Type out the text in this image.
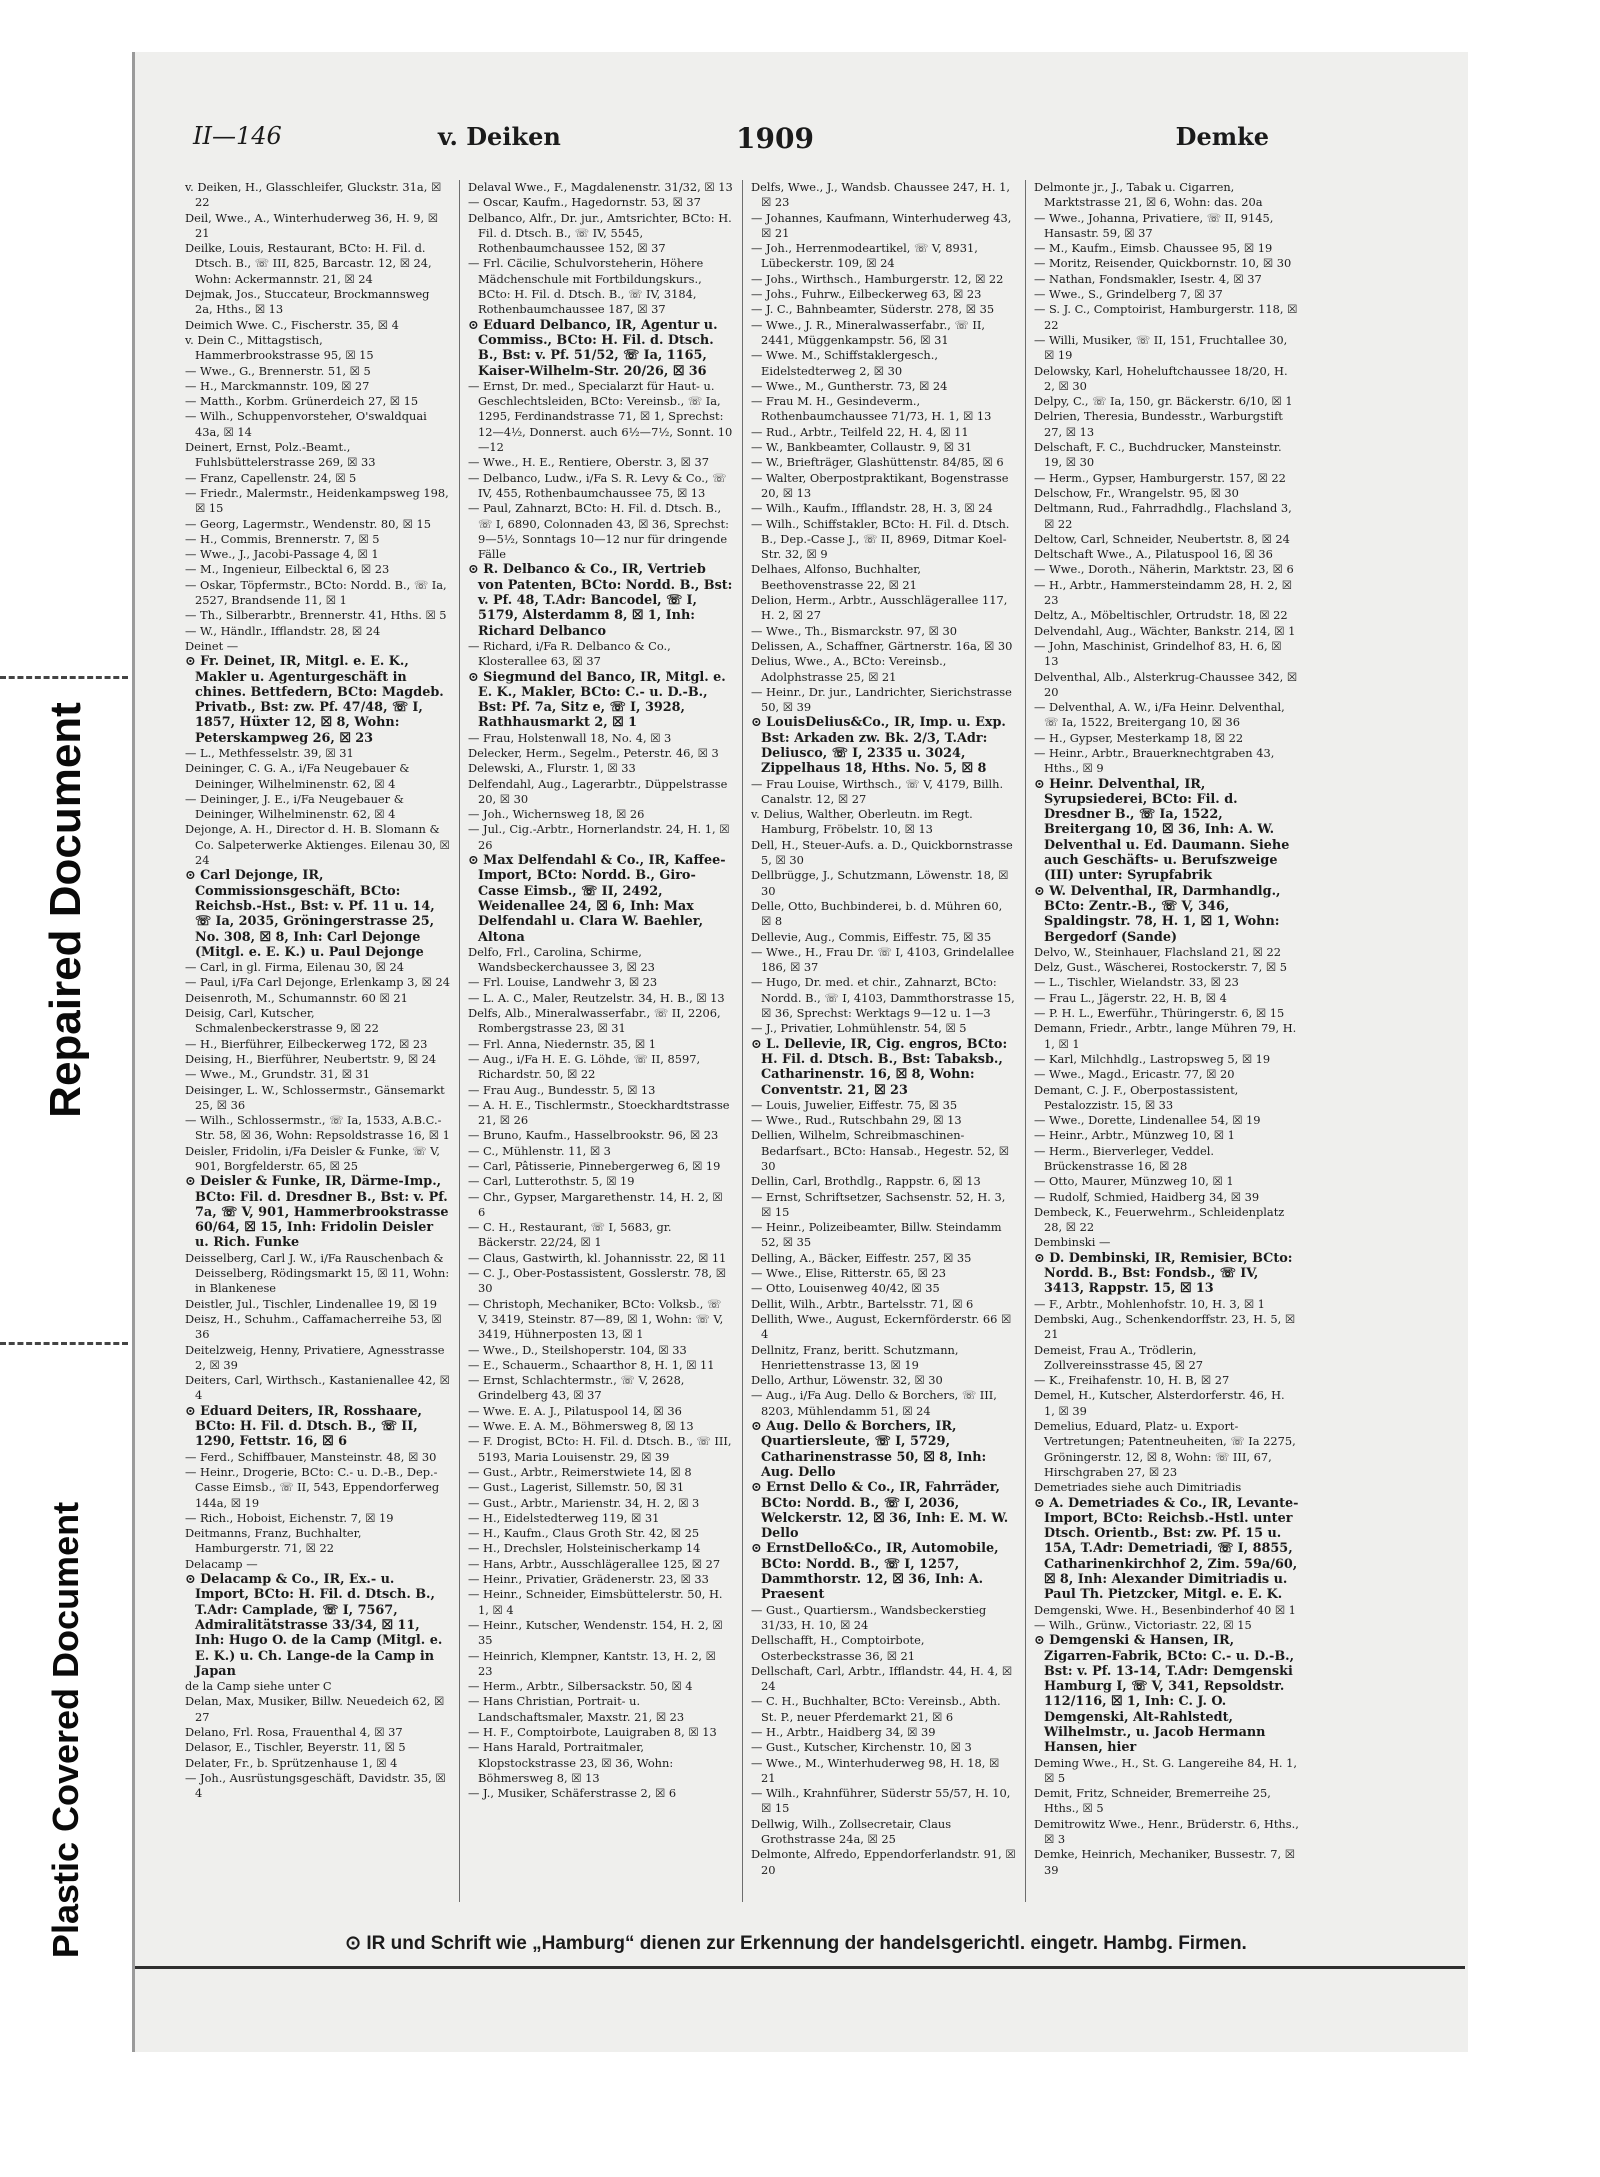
Repaired Document
Plastic Covered Document
II—146	v. Deiken	1909	Demke

v. Deiken, H., Glasschleifer, Gluckstr. 31a, ☒ 22

Deil, Wwe., A., Winterhuderweg 36, H. 9, ☒ 21

Deilke, Louis, Restaurant, BCto: H. Fil. d. Dtsch. B., ☏ III, 825, Barcastr. 12, ☒ 24, Wohn: Ackermannstr. 21, ☒ 24

Dejmak, Jos., Stuccateur, Brockmannsweg 2a, Hths., ☒ 13

Deimich Wwe. C., Fischerstr. 35, ☒ 4

v. Dein C., Mittagstisch, Hammerbrookstrasse 95, ☒ 15

— Wwe., G., Brennerstr. 51, ☒ 5

— H., Marckmannstr. 109, ☒ 27

— Matth., Korbm. Grünerdeich 27, ☒ 15

— Wilh., Schuppenvorsteher, O'swaldquai 43a, ☒ 14

Deinert, Ernst, Polz.-Beamt., Fuhlsbüttelerstrasse 269, ☒ 33

— Franz, Capellenstr. 24, ☒ 5

— Friedr., Malermstr., Heidenkampsweg 198, ☒ 15

— Georg, Lagermstr., Wendenstr. 80, ☒ 15

— H., Commis, Brennerstr. 7, ☒ 5

— Wwe., J., Jacobi-Passage 4, ☒ 1

— M., Ingenieur, Eilbecktal 6, ☒ 23

— Oskar, Töpfermstr., BCto: Nordd. B., ☏ Ia, 2527, Brandsende 11, ☒ 1

— Th., Silberarbtr., Brennerstr. 41, Hths. ☒ 5

— W., Händlr., Ifflandstr. 28, ☒ 24

Deinet —

⊙ Fr. Deinet, IR, Mitgl. e. E. K., Makler u. Agenturgeschäft in chines. Bettfedern, BCto: Magdeb. Privatb., Bst: zw. Pf. 47/48, ☏ I, 1857, Hüxter 12, ☒ 8, Wohn: Peterskampweg 26, ☒ 23

— L., Methfesselstr. 39, ☒ 31

Deininger, C. G. A., i/Fa Neugebauer & Deininger, Wilhelminenstr. 62, ☒ 4

— Deininger, J. E., i/Fa Neugebauer & Deininger, Wilhelminenstr. 62, ☒ 4

Dejonge, A. H., Director d. H. B. Slomann & Co. Salpeterwerke Aktienges. Eilenau 30, ☒ 24

⊙ Carl Dejonge, IR, Commissionsgeschäft, BCto: Reichsb.-Hst., Bst: v. Pf. 11 u. 14, ☏ Ia, 2035, Gröningerstrasse 25, No. 308, ☒ 8, Inh: Carl Dejonge (Mitgl. e. E. K.) u. Paul Dejonge

— Carl, in gl. Firma, Eilenau 30, ☒ 24

— Paul, i/Fa Carl Dejonge, Erlenkamp 3, ☒ 24

Deisenroth, M., Schumannstr. 60 ☒ 21

Deisig, Carl, Kutscher, Schmalenbeckerstrasse 9, ☒ 22

— H., Bierführer, Eilbeckerweg 172, ☒ 23

Deising, H., Bierführer, Neubertstr. 9, ☒ 24

— Wwe., M., Grundstr. 31, ☒ 31

Deisinger, L. W., Schlossermstr., Gänsemarkt 25, ☒ 36

— Wilh., Schlossermstr., ☏ Ia, 1533, A.B.C.-Str. 58, ☒ 36, Wohn: Repsoldstrasse 16, ☒ 1

Deisler, Fridolin, i/Fa Deisler & Funke, ☏ V, 901, Borgfelderstr. 65, ☒ 25

⊙ Deisler & Funke, IR, Därme-Imp., BCto: Fil. d. Dresdner B., Bst: v. Pf. 7a, ☏ V, 901, Hammerbrookstrasse 60/64, ☒ 15, Inh: Fridolin Deisler u. Rich. Funke

Deisselberg, Carl J. W., i/Fa Rauschenbach & Deisselberg, Rödingsmarkt 15, ☒ 11, Wohn: in Blankenese

Deistler, Jul., Tischler, Lindenallee 19, ☒ 19

Deisz, H., Schuhm., Caffamacherreihe 53, ☒ 36

Deitelzweig, Henny, Privatiere, Agnesstrasse 2, ☒ 39

Deiters, Carl, Wirthsch., Kastanienallee 42, ☒ 4

⊙ Eduard Deiters, IR, Rosshaare, BCto: H. Fil. d. Dtsch. B., ☏ II, 1290, Fettstr. 16, ☒ 6

— Ferd., Schiffbauer, Mansteinstr. 48, ☒ 30

— Heinr., Drogerie, BCto: C.- u. D.-B., Dep.-Casse Eimsb., ☏ II, 543, Eppendorferweg 144a, ☒ 19

— Rich., Hoboist, Eichenstr. 7, ☒ 19

Deitmanns, Franz, Buchhalter, Hamburgerstr. 71, ☒ 22

Delacamp —

⊙ Delacamp & Co., IR, Ex.- u. Import, BCto: H. Fil. d. Dtsch. B., T.Adr: Camplade, ☏ I, 7567, Admiralitätstrasse 33/34, ☒ 11, Inh: Hugo O. de la Camp (Mitgl. e. E. K.) u. Ch. Lange-de la Camp in Japan

de la Camp siehe unter C

Delan, Max, Musiker, Billw. Neuedeich 62, ☒ 27

Delano, Frl. Rosa, Frauenthal 4, ☒ 37

Delasor, E., Tischler, Beyerstr. 11, ☒ 5

Delater, Fr., b. Sprützenhause 1, ☒ 4

— Joh., Ausrüstungsgeschäft, Davidstr. 35, ☒ 4

Delaval Wwe., F., Magdalenenstr. 31/32, ☒ 13

— Oscar, Kaufm., Hagedornstr. 53, ☒ 37

Delbanco, Alfr., Dr. jur., Amtsrichter, BCto: H. Fil. d. Dtsch. B., ☏ IV, 5545, Rothenbaumchaussee 152, ☒ 37

— Frl. Cäcilie, Schulvorsteherin, Höhere Mädchenschule mit Fortbildungskurs., BCto: H. Fil. d. Dtsch. B., ☏ IV, 3184, Rothenbaumchaussee 187, ☒ 37

⊙ Eduard Delbanco, IR, Agentur u. Commiss., BCto: H. Fil. d. Dtsch. B., Bst: v. Pf. 51/52, ☏ Ia, 1165, Kaiser-Wilhelm-Str. 20/26, ☒ 36

— Ernst, Dr. med., Specialarzt für Haut- u. Geschlechtsleiden, BCto: Vereinsb., ☏ Ia, 1295, Ferdinandstrasse 71, ☒ 1, Sprechst: 12—4½, Donnerst. auch 6½—7½, Sonnt. 10—12

— Wwe., H. E., Rentiere, Oberstr. 3, ☒ 37

— Delbanco, Ludw., i/Fa S. R. Levy & Co., ☏ IV, 455, Rothenbaumchaussee 75, ☒ 13

— Paul, Zahnarzt, BCto: H. Fil. d. Dtsch. B., ☏ I, 6890, Colonnaden 43, ☒ 36, Sprechst: 9—5½, Sonntags 10—12 nur für dringende Fälle

⊙ R. Delbanco & Co., IR, Vertrieb von Patenten, BCto: Nordd. B., Bst: v. Pf. 48, T.Adr: Bancodel, ☏ I, 5179, Alsterdamm 8, ☒ 1, Inh: Richard Delbanco

— Richard, i/Fa R. Delbanco & Co., Klosterallee 63, ☒ 37

⊙ Siegmund del Banco, IR, Mitgl. e. E. K., Makler, BCto: C.- u. D.-B., Bst: Pf. 7a, Sitz e, ☏ I, 3928, Rathhausmarkt 2, ☒ 1

— Frau, Holstenwall 18, No. 4, ☒ 3

Delecker, Herm., Segelm., Peterstr. 46, ☒ 3

Delewski, A., Flurstr. 1, ☒ 33

Delfendahl, Aug., Lagerarbtr., Düppelstrasse 20, ☒ 30

— Joh., Wichernsweg 18, ☒ 26

— Jul., Cig.-Arbtr., Hornerlandstr. 24, H. 1, ☒ 26

⊙ Max Delfendahl & Co., IR, Kaffee-Import, BCto: Nordd. B., Giro-Casse Eimsb., ☏ II, 2492, Weidenallee 24, ☒ 6, Inh: Max Delfendahl u. Clara W. Baehler, Altona

Delfo, Frl., Carolina, Schirme, Wandsbeckerchaussee 3, ☒ 23

— Frl. Louise, Landwehr 3, ☒ 23

— L. A. C., Maler, Reutzelstr. 34, H. B., ☒ 13

Delfs, Alb., Mineralwasserfabr., ☏ II, 2206, Rombergstrasse 23, ☒ 31

— Frl. Anna, Niedernstr. 35, ☒ 1

— Aug., i/Fa H. E. G. Löhde, ☏ II, 8597, Richardstr. 50, ☒ 22

— Frau Aug., Bundesstr. 5, ☒ 13

— A. H. E., Tischlermstr., Stoeckhardtstrasse 21, ☒ 26

— Bruno, Kaufm., Hasselbrookstr. 96, ☒ 23

— C., Mühlenstr. 11, ☒ 3

— Carl, Pâtisserie, Pinnebergerweg 6, ☒ 19

— Carl, Lutterothstr. 5, ☒ 19

— Chr., Gypser, Margarethenstr. 14, H. 2, ☒ 6

— C. H., Restaurant, ☏ I, 5683, gr. Bäckerstr. 22/24, ☒ 1

— Claus, Gastwirth, kl. Johannisstr. 22, ☒ 11

— C. J., Ober-Postassistent, Gosslerstr. 78, ☒ 30

— Christoph, Mechaniker, BCto: Volksb., ☏ V, 3419, Steinstr. 87—89, ☒ 1, Wohn: ☏ V, 3419, Hühnerposten 13, ☒ 1

— Wwe., D., Steilshoperstr. 104, ☒ 33

— E., Schauerm., Schaarthor 8, H. 1, ☒ 11

— Ernst, Schlachtermstr., ☏ V, 2628, Grindelberg 43, ☒ 37

— Wwe. E. A. J., Pilatuspool 14, ☒ 36

— Wwe. E. A. M., Böhmersweg 8, ☒ 13

— F. Drogist, BCto: H. Fil. d. Dtsch. B., ☏ III, 5193, Maria Louisenstr. 29, ☒ 39

— Gust., Arbtr., Reimerstwiete 14, ☒ 8

— Gust., Lagerist, Sillemstr. 50, ☒ 31

— Gust., Arbtr., Marienstr. 34, H. 2, ☒ 3

— H., Eidelstedterweg 119, ☒ 31

— H., Kaufm., Claus Groth Str. 42, ☒ 25

— H., Drechsler, Holsteinischerkamp 14

— Hans, Arbtr., Ausschlägerallee 125, ☒ 27

— Heinr., Privatier, Grädenerstr. 23, ☒ 33

— Heinr., Schneider, Eimsbüttelerstr. 50, H. 1, ☒ 4

— Heinr., Kutscher, Wendenstr. 154, H. 2, ☒ 35

— Heinrich, Klempner, Kantstr. 13, H. 2, ☒ 23

— Herm., Arbtr., Silbersackstr. 50, ☒ 4

— Hans Christian, Portrait- u. Landschaftsmaler, Maxstr. 21, ☒ 23

— H. F., Comptoirbote, Lauigraben 8, ☒ 13

— Hans Harald, Portraitmaler, Klopstockstrasse 23, ☒ 36, Wohn: Böhmersweg 8, ☒ 13

— J., Musiker, Schäferstrasse 2, ☒ 6

Delfs, Wwe., J., Wandsb. Chaussee 247, H. 1, ☒ 23

— Johannes, Kaufmann, Winterhuderweg 43, ☒ 21

— Joh., Herrenmodeartikel, ☏ V, 8931, Lübeckerstr. 109, ☒ 24

— Johs., Wirthsch., Hamburgerstr. 12, ☒ 22

— Johs., Fuhrw., Eilbeckerweg 63, ☒ 23

— J. C., Bahnbeamter, Süderstr. 278, ☒ 35

— Wwe., J. R., Mineralwasserfabr., ☏ II, 2441, Müggenkampstr. 56, ☒ 31

— Wwe. M., Schiffstaklergesch., Eidelstedterweg 2, ☒ 30

— Wwe., M., Guntherstr. 73, ☒ 24

— Frau M. H., Gesindeverm., Rothenbaumchaussee 71/73, H. 1, ☒ 13

— Rud., Arbtr., Teilfeld 22, H. 4, ☒ 11

— W., Bankbeamter, Collaustr. 9, ☒ 31

— W., Briefträger, Glashüttenstr. 84/85, ☒ 6

— Walter, Oberpostpraktikant, Bogenstrasse 20, ☒ 13

— Wilh., Kaufm., Ifflandstr. 28, H. 3, ☒ 24

— Wilh., Schiffstakler, BCto: H. Fil. d. Dtsch. B., Dep.-Casse J., ☏ II, 8969, Ditmar Koel-Str. 32, ☒ 9

Delhaes, Alfonso, Buchhalter, Beethovenstrasse 22, ☒ 21

Delion, Herm., Arbtr., Ausschlägerallee 117, H. 2, ☒ 27

— Wwe., Th., Bismarckstr. 97, ☒ 30

Delissen, A., Schaffner, Gärtnerstr. 16a, ☒ 30

Delius, Wwe., A., BCto: Vereinsb., Adolphstrasse 25, ☒ 21

— Heinr., Dr. jur., Landrichter, Sierichstrasse 50, ☒ 39

⊙ LouisDelius&Co., IR, Imp. u. Exp. Bst: Arkaden zw. Bk. 2/3, T.Adr: Deliusco, ☏ I, 2335 u. 3024, Zippelhaus 18, Hths. No. 5, ☒ 8

— Frau Louise, Wirthsch., ☏ V, 4179, Billh. Canalstr. 12, ☒ 27

v. Delius, Walther, Oberleutn. im Regt. Hamburg, Fröbelstr. 10, ☒ 13

Dell, H., Steuer-Aufs. a. D., Quickbornstrasse 5, ☒ 30

Dellbrügge, J., Schutzmann, Löwenstr. 18, ☒ 30

Delle, Otto, Buchbinderei, b. d. Mühren 60, ☒ 8

Dellevie, Aug., Commis, Eiffestr. 75, ☒ 35

— Wwe., H., Frau Dr. ☏ I, 4103, Grindelallee 186, ☒ 37

— Hugo, Dr. med. et chir., Zahnarzt, BCto: Nordd. B., ☏ I, 4103, Dammthorstrasse 15, ☒ 36, Sprechst: Werktags 9—12 u. 1—3

— J., Privatier, Lohmühlenstr. 54, ☒ 5

⊙ L. Dellevie, IR, Cig. engros, BCto: H. Fil. d. Dtsch. B., Bst: Tabaksb., Catharinenstr. 16, ☒ 8, Wohn: Conventstr. 21, ☒ 23

— Louis, Juwelier, Eiffestr. 75, ☒ 35

— Wwe., Rud., Rutschbahn 29, ☒ 13

Dellien, Wilhelm, Schreibmaschinen-Bedarfsart., BCto: Hansab., Hegestr. 52, ☒ 30

Dellin, Carl, Brothdlg., Rappstr. 6, ☒ 13

— Ernst, Schriftsetzer, Sachsenstr. 52, H. 3, ☒ 15

— Heinr., Polizeibeamter, Billw. Steindamm 52, ☒ 35

Delling, A., Bäcker, Eiffestr. 257, ☒ 35

— Wwe., Elise, Ritterstr. 65, ☒ 23

— Otto, Louisenweg 40/42, ☒ 35

Dellit, Wilh., Arbtr., Bartelsstr. 71, ☒ 6

Dellith, Wwe., August, Eckernförderstr. 66 ☒ 4

Dellnitz, Franz, beritt. Schutzmann, Henriettenstrasse 13, ☒ 19

Dello, Arthur, Löwenstr. 32, ☒ 30

— Aug., i/Fa Aug. Dello & Borchers, ☏ III, 8203, Mühlendamm 51, ☒ 24

⊙ Aug. Dello & Borchers, IR, Quartiersleute, ☏ I, 5729, Catharinenstrasse 50, ☒ 8, Inh: Aug. Dello

⊙ Ernst Dello & Co., IR, Fahrräder, BCto: Nordd. B., ☏ I, 2036, Welckerstr. 12, ☒ 36, Inh: E. M. W. Dello

⊙ ErnstDello&Co., IR, Automobile, BCto: Nordd. B., ☏ I, 1257, Dammthorstr. 12, ☒ 36, Inh: A. Praesent

— Gust., Quartiersm., Wandsbeckerstieg 31/33, H. 10, ☒ 24

Dellschafft, H., Comptoirbote, Osterbeckstrasse 36, ☒ 21

Dellschaft, Carl, Arbtr., Ifflandstr. 44, H. 4, ☒ 24

— C. H., Buchhalter, BCto: Vereinsb., Abth. St. P., neuer Pferdemarkt 21, ☒ 6

— H., Arbtr., Haidberg 34, ☒ 39

— Gust., Kutscher, Kirchenstr. 10, ☒ 3

— Wwe., M., Winterhuderweg 98, H. 18, ☒ 21

— Wilh., Krahnführer, Süderstr 55/57, H. 10, ☒ 15

Dellwig, Wilh., Zollsecretair, Claus Grothstrasse 24a, ☒ 25

Delmonte, Alfredo, Eppendorferlandstr. 91, ☒ 20

Delmonte jr., J., Tabak u. Cigarren, Marktstrasse 21, ☒ 6, Wohn: das. 20a

— Wwe., Johanna, Privatiere, ☏ II, 9145, Hansastr. 59, ☒ 37

— M., Kaufm., Eimsb. Chaussee 95, ☒ 19

— Moritz, Reisender, Quickbornstr. 10, ☒ 30

— Nathan, Fondsmakler, Isestr. 4, ☒ 37

— Wwe., S., Grindelberg 7, ☒ 37

— S. J. C., Comptoirist, Hamburgerstr. 118, ☒ 22

— Willi, Musiker, ☏ II, 151, Fruchtallee 30, ☒ 19

Delowsky, Karl, Hoheluftchaussee 18/20, H. 2, ☒ 30

Delpy, C., ☏ Ia, 150, gr. Bäckerstr. 6/10, ☒ 1

Delrien, Theresia, Bundesstr., Warburgstift 27, ☒ 13

Delschaft, F. C., Buchdrucker, Mansteinstr. 19, ☒ 30

— Herm., Gypser, Hamburgerstr. 157, ☒ 22

Delschow, Fr., Wrangelstr. 95, ☒ 30

Deltmann, Rud., Fahrradhdlg., Flachsland 3, ☒ 22

Deltow, Carl, Schneider, Neubertstr. 8, ☒ 24

Deltschaft Wwe., A., Pilatuspool 16, ☒ 36

— Wwe., Doroth., Näherin, Marktstr. 23, ☒ 6

— H., Arbtr., Hammersteindamm 28, H. 2, ☒ 23

Deltz, A., Möbeltischler, Ortrudstr. 18, ☒ 22

Delvendahl, Aug., Wächter, Bankstr. 214, ☒ 1

— John, Maschinist, Grindelhof 83, H. 6, ☒ 13

Delventhal, Alb., Alsterkrug-Chaussee 342, ☒ 20

— Delventhal, A. W., i/Fa Heinr. Delventhal, ☏ Ia, 1522, Breitergang 10, ☒ 36

— H., Gypser, Mesterkamp 18, ☒ 22

— Heinr., Arbtr., Brauerknechtgraben 43, Hths., ☒ 9

⊙ Heinr. Delventhal, IR, Syrupsiederei, BCto: Fil. d. Dresdner B., ☏ Ia, 1522, Breitergang 10, ☒ 36, Inh: A. W. Delventhal u. Ed. Daumann. Siehe auch Geschäfts- u. Berufszweige (III) unter: Syrupfabrik

⊙ W. Delventhal, IR, Darmhandlg., BCto: Zentr.-B., ☏ V, 346, Spaldingstr. 78, H. 1, ☒ 1, Wohn: Bergedorf (Sande)

Delvo, W., Steinhauer, Flachsland 21, ☒ 22

Delz, Gust., Wäscherei, Rostockerstr. 7, ☒ 5

— L., Tischler, Wielandstr. 33, ☒ 23

— Frau L., Jägerstr. 22, H. B, ☒ 4

— P. H. L., Ewerführ., Thüringerstr. 6, ☒ 15

Demann, Friedr., Arbtr., lange Mühren 79, H. 1, ☒ 1

— Karl, Milchhdlg., Lastropsweg 5, ☒ 19

— Wwe., Magd., Ericastr. 77, ☒ 20

Demant, C. J. F., Oberpostassistent, Pestalozzistr. 15, ☒ 33

— Wwe., Dorette, Lindenallee 54, ☒ 19

— Heinr., Arbtr., Münzweg 10, ☒ 1

— Herm., Bierverleger, Veddel. Brückenstrasse 16, ☒ 28

— Otto, Maurer, Münzweg 10, ☒ 1

— Rudolf, Schmied, Haidberg 34, ☒ 39

Dembeck, K., Feuerwehrm., Schleidenplatz 28, ☒ 22

Dembinski —

⊙ D. Dembinski, IR, Remisier, BCto: Nordd. B., Bst: Fondsb., ☏ IV, 3413, Rappstr. 15, ☒ 13

— F., Arbtr., Mohlenhofstr. 10, H. 3, ☒ 1

Dembski, Aug., Schenkendorffstr. 23, H. 5, ☒ 21

Demeist, Frau A., Trödlerin, Zollvereinsstrasse 45, ☒ 27

— K., Freihafenstr. 10, H. B, ☒ 27

Demel, H., Kutscher, Alsterdorferstr. 46, H. 1, ☒ 39

Demelius, Eduard, Platz- u. Export-Vertretungen; Patentneuheiten, ☏ Ia 2275, Gröningerstr. 12, ☒ 8, Wohn: ☏ III, 67, Hirschgraben 27, ☒ 23

Demetriades siehe auch Dimitriadis

⊙ A. Demetriades & Co., IR, Levante-Import, BCto: Reichsb.-Hstl. unter Dtsch. Orientb., Bst: zw. Pf. 15 u. 15A, T.Adr: Demetriadi, ☏ I, 8855, Catharinenkirchhof 2, Zim. 59a/60, ☒ 8, Inh: Alexander Dimitriadis u. Paul Th. Pietzcker, Mitgl. e. E. K.

Demgenski, Wwe. H., Besenbinderhof 40 ☒ 1

— Wilh., Grünw., Victoriastr. 22, ☒ 15

⊙ Demgenski & Hansen, IR, Zigarren-Fabrik, BCto: C.- u. D.-B., Bst: v. Pf. 13-14, T.Adr: Demgenski Hamburg I, ☏ V, 341, Repsoldstr. 112/116, ☒ 1, Inh: C. J. O. Demgenski, Alt-Rahlstedt, Wilhelmstr., u. Jacob Hermann Hansen, hier

Deming Wwe., H., St. G. Langereihe 84, H. 1, ☒ 5

Demit, Fritz, Schneider, Bremerreihe 25, Hths., ☒ 5

Demitrowitz Wwe., Henr., Brüderstr. 6, Hths., ☒ 3

Demke, Heinrich, Mechaniker, Bussestr. 7, ☒ 39

⊙ IR und Schrift wie „Hamburg“ dienen zur Erkennung der handelsgerichtl. eingetr. Hambg. Firmen.
